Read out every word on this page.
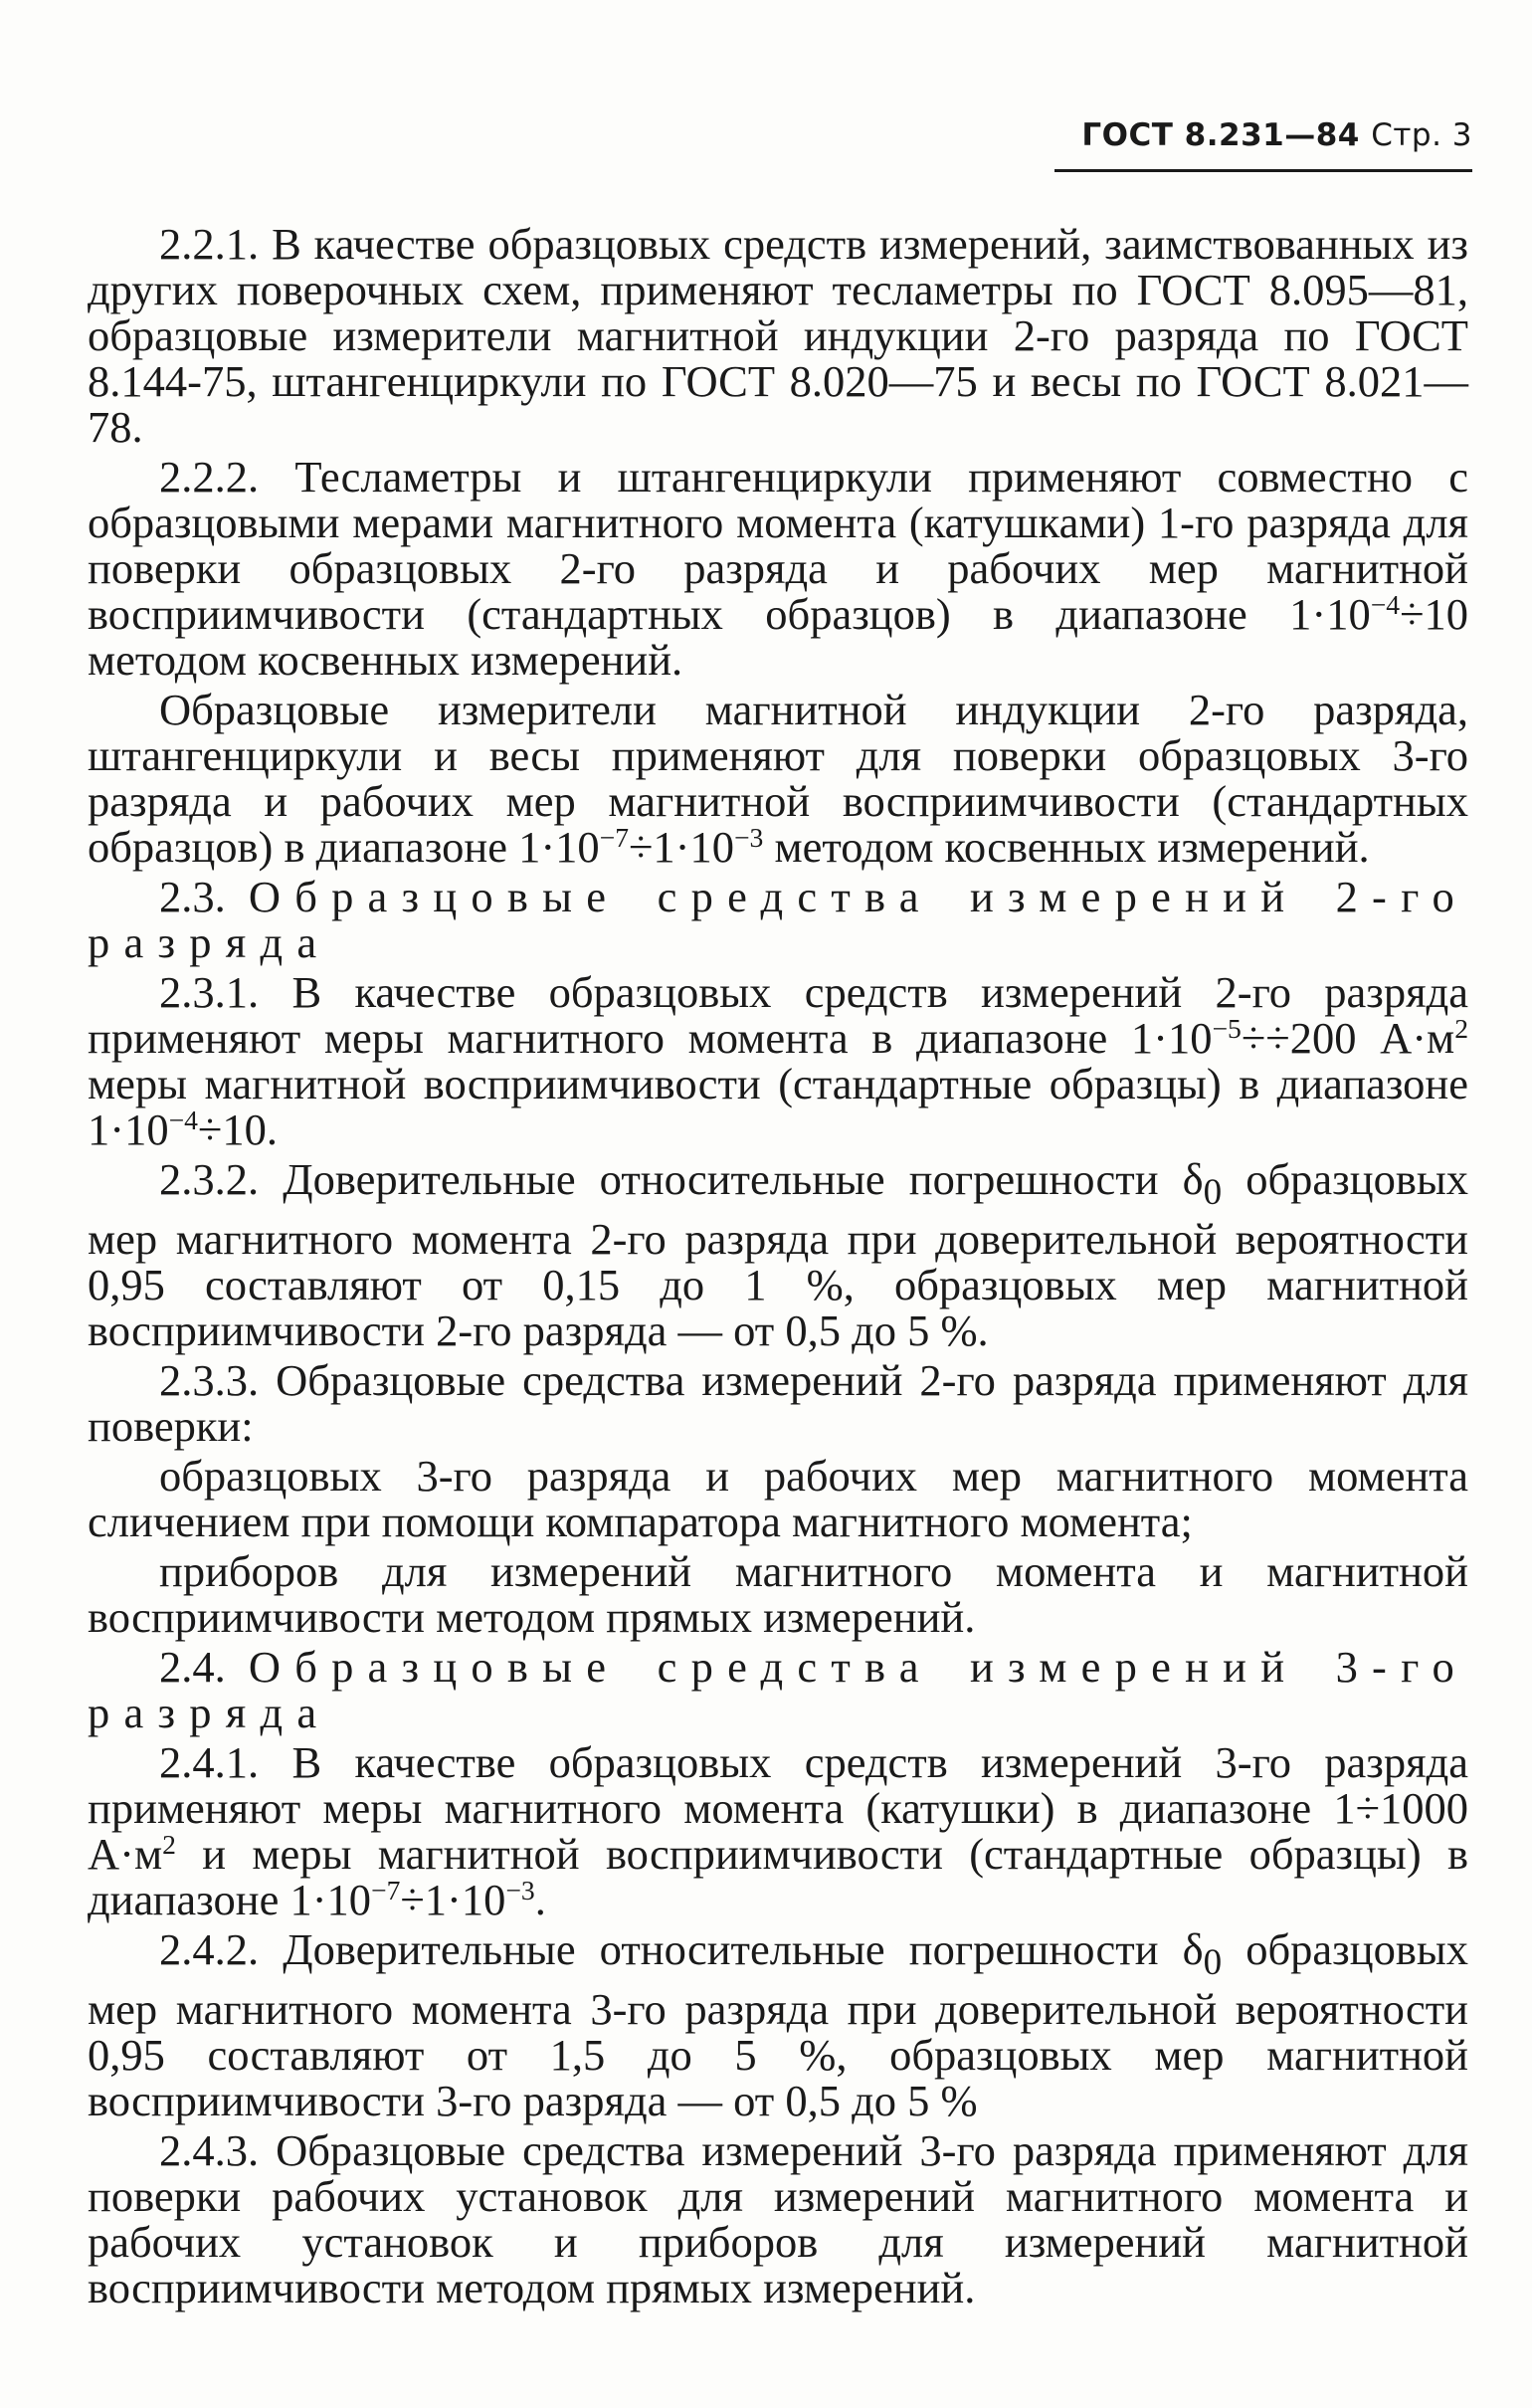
ГОСТ 8.231—84 Стр. 3

2.2.1. В качестве образцовых средств измерений, заимствованных из других поверочных схем, применяют тесламетры по ГОСТ 8.095—81, образцовые измерители магнитной индукции 2-го разряда по ГОСТ 8.144-75, штангенциркули по ГОСТ 8.020—75 и весы по ГОСТ 8.021—78.

2.2.2. Тесламетры и штангенциркули применяют совместно с образцовыми мерами магнитного момента (катушками) 1-го разряда для поверки образцовых 2-го разряда и рабочих мер магнитной восприимчивости (стандартных образцов) в диапазоне $1\cdot 10^{-4}\div 10$ методом косвенных измерений.

Образцовые измерители магнитной индукции 2-го разряда, штангенциркули и весы применяют для поверки образцовых 3-го разряда и рабочих мер магнитной восприимчивости (стандартных образцов) в диапазоне $1\cdot 10^{-7}\div 1\cdot 10^{-3}$ методом косвенных измерений.

2.3. Образцовые средства измерений 2-го разряда

2.3.1. В качестве образцовых средств измерений 2-го разряда применяют меры магнитного момента в диапазоне $1\cdot 10^{-5}\div\div 200$ $А\cdot м^2$ меры магнитной восприимчивости (стандартные образцы) в диапазоне $1\cdot 10^{-4}\div 10$.

2.3.2. Доверительные относительные погрешности $\delta_0$ образцовых мер магнитного момента 2-го разряда при доверительной вероятности 0,95 составляют от 0,15 до 1 %, образцовых мер магнитной восприимчивости 2-го разряда — от 0,5 до 5 %.

2.3.3. Образцовые средства измерений 2-го разряда применяют для поверки:

образцовых 3-го разряда и рабочих мер магнитного момента сличением при помощи компаратора магнитного момента;

приборов для измерений магнитного момента и магнитной восприимчивости методом прямых измерений.

2.4. Образцовые средства измерений 3-го разряда

2.4.1. В качестве образцовых средств измерений 3-го разряда применяют меры магнитного момента (катушки) в диапазоне 1÷1000 $А\cdot м^2$ и меры магнитной восприимчивости (стандартные образцы) в диапазоне $1\cdot 10^{-7}\div 1\cdot 10^{-3}$.

2.4.2. Доверительные относительные погрешности $\delta_0$ образцовых мер магнитного момента 3-го разряда при доверительной вероятности 0,95 составляют от 1,5 до 5 %, образцовых мер магнитной восприимчивости 3-го разряда — от 0,5 до 5 %

2.4.3. Образцовые средства измерений 3-го разряда применяют для поверки рабочих установок для измерений магнитного момента и рабочих установок и приборов для измерений магнитной восприимчивости методом прямых измерений.
